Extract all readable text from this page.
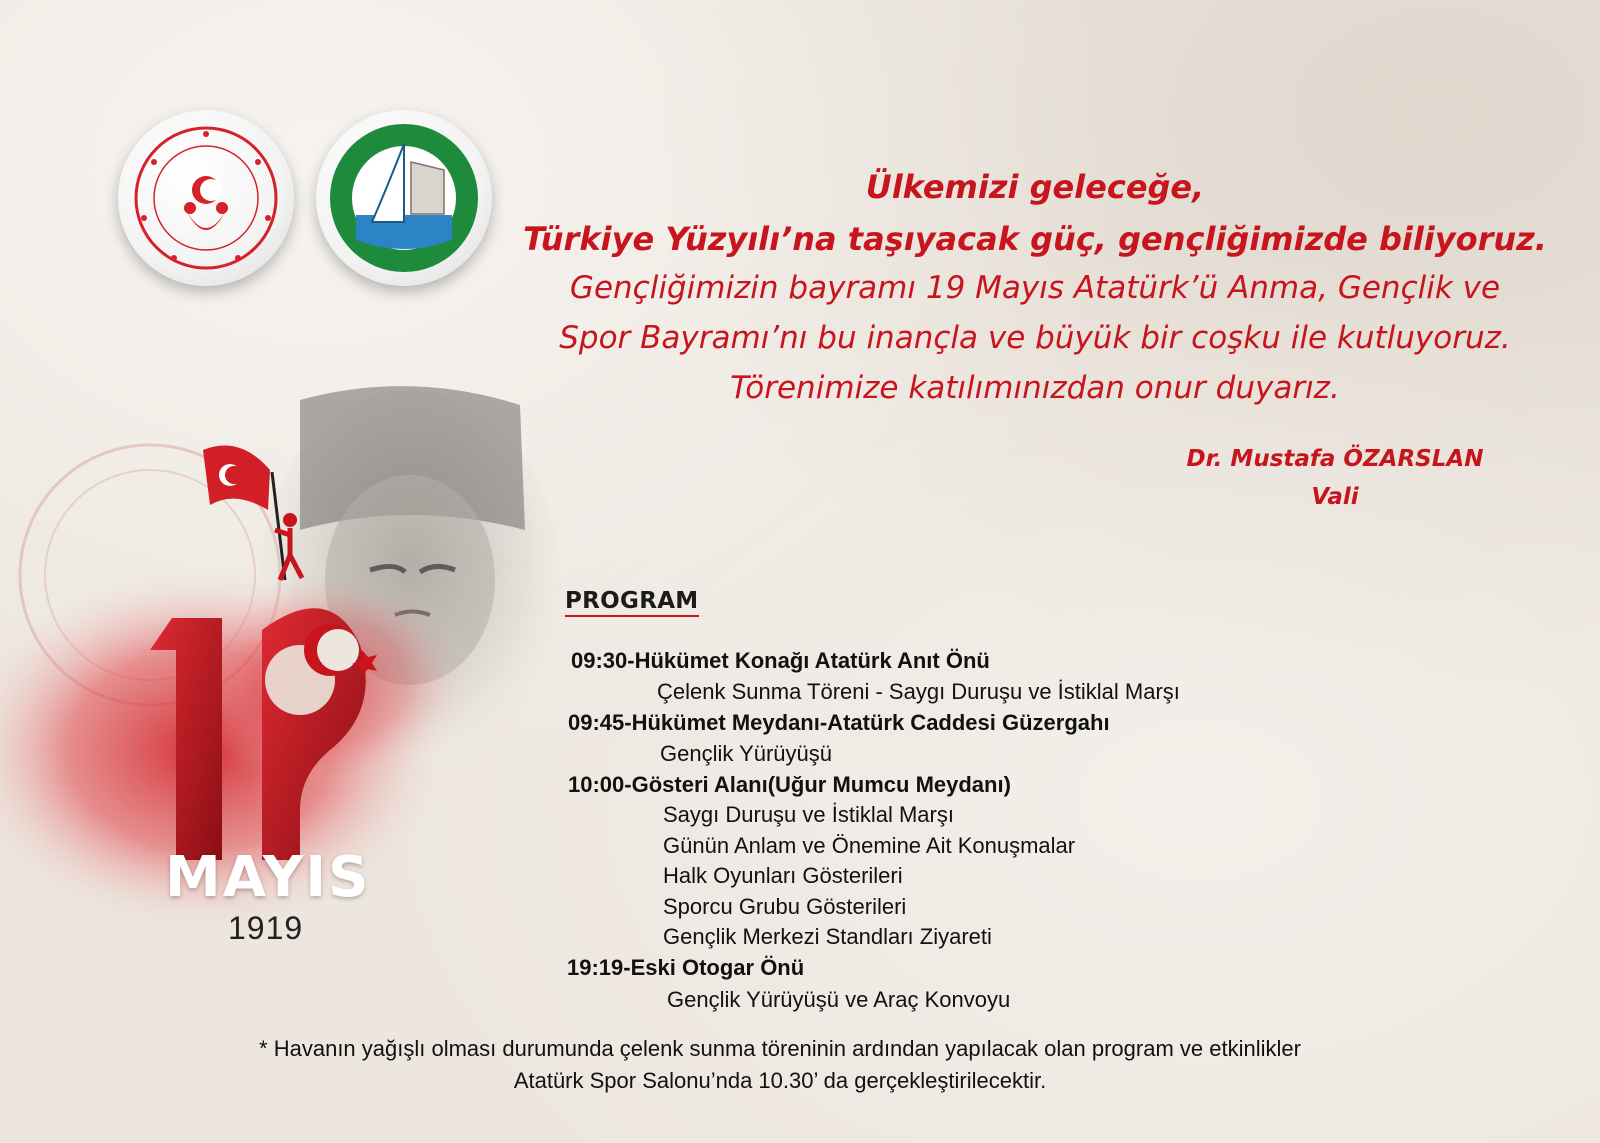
MAYIS
1919

Ülkemizi geleceğe,

Türkiye Yüzyılı’na taşıyacak güç, gençliğimizde biliyoruz.

Gençliğimizin bayramı 19 Mayıs Atatürk’ü Anma, Gençlik ve

Spor Bayramı’nı bu inançla ve büyük bir coşku ile kutluyoruz.

Törenimize katılımınızdan onur duyarız.

Dr. Mustafa ÖZARSLAN
Vali
PROGRAM
09:30-Hükümet Konağı Atatürk Anıt Önü
Çelenk Sunma Töreni - Saygı Duruşu ve İstiklal Marşı
09:45-Hükümet Meydanı-Atatürk Caddesi Güzergahı
Gençlik Yürüyüşü
10:00-Gösteri Alanı(Uğur Mumcu Meydanı)
Saygı Duruşu ve İstiklal Marşı
Günün Anlam ve Önemine Ait Konuşmalar
Halk Oyunları Gösterileri
Sporcu Grubu Gösterileri
Gençlik Merkezi Standları Ziyareti
19:19-Eski Otogar Önü
Gençlik Yürüyüşü ve Araç Konvoyu
* Havanın yağışlı olması durumunda çelenk sunma töreninin ardından yapılacak olan program ve etkinlikler
Atatürk Spor Salonu’nda 10.30’ da gerçekleştirilecektir.
